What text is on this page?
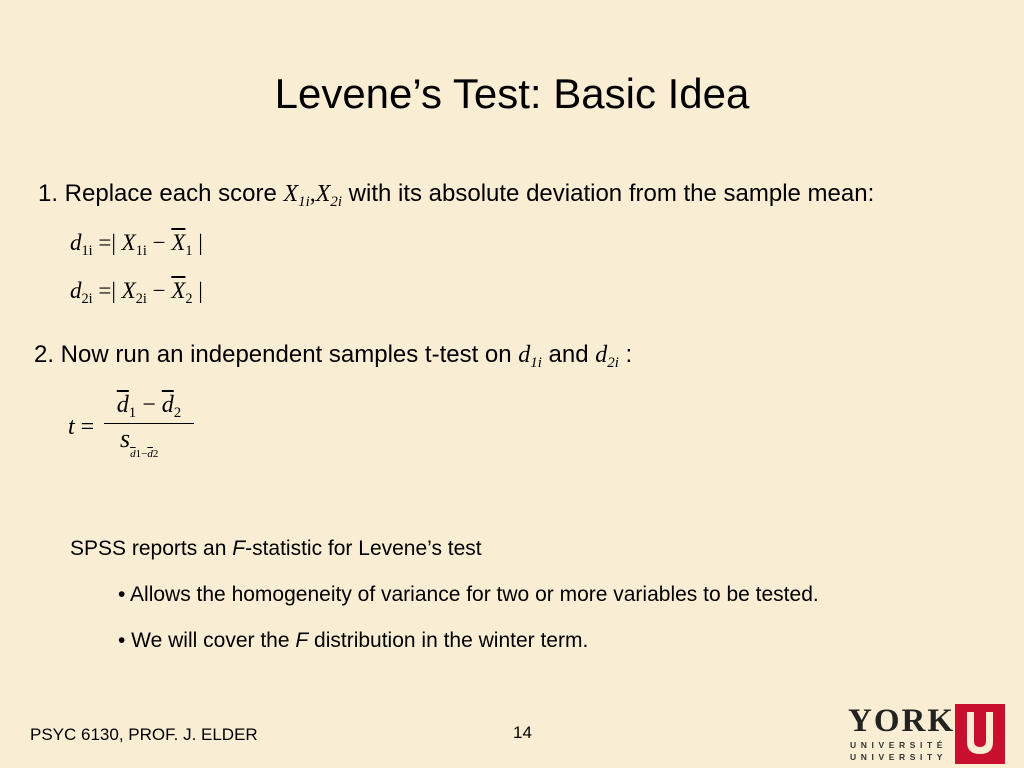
Levene’s Test: Basic Idea
1. Replace each score X1i,X2i with its absolute deviation from the sample mean:
d1i =| $X1i - \overline{X}1$ |
d2i =| $X2i - \overline{X}2$ |
2. Now run an independent samples t-test on d1i and d2i :
$t = \frac{\overline{d}1 - \overline{d}2}{s_{\overline{d}1-\overline{d}2}}$
SPSS reports an F-statistic for Levene’s test
• Allows the homogeneity of variance for two or more variables to be tested.
• We will cover the F distribution in the winter term.
PSYC 6130, PROF. J. ELDER	14	YORK
UNIVERSITÉ
UNIVERSITY
